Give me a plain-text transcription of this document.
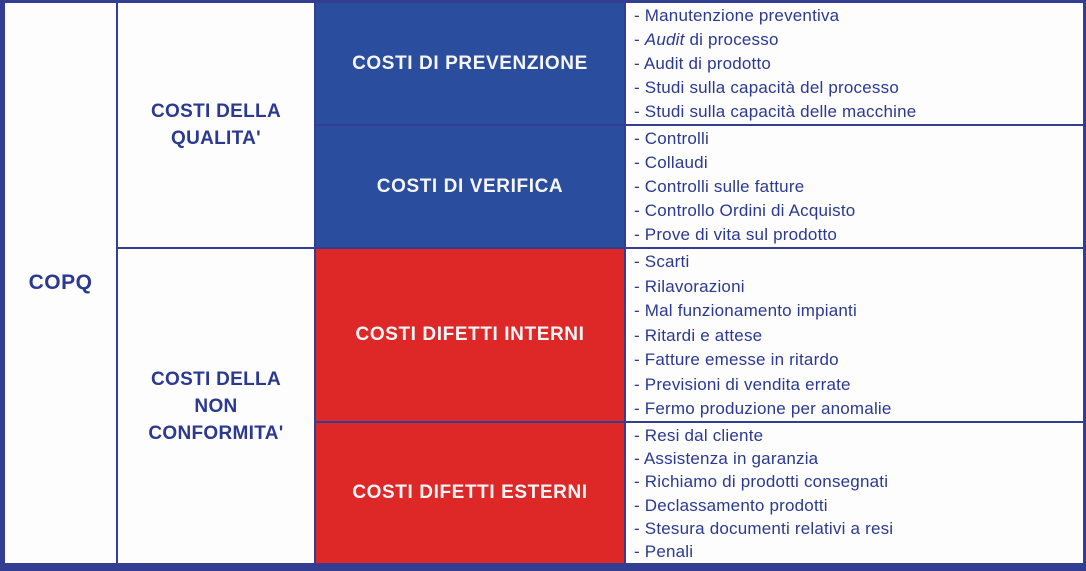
COPQ
COSTI DELLA
QUALITA'
COSTI DELLA
NON
CONFORMITA'
COSTI DI PREVENZIONE
COSTI DI VERIFICA
COSTI DIFETTI INTERNI
COSTI DIFETTI ESTERNI
- Manutenzione preventiva
- Audit di processo
- Audit di prodotto
- Studi sulla capacità del processo
- Studi sulla capacità delle macchine
- Controlli
- Collaudi
- Controlli sulle fatture
- Controllo Ordini di Acquisto
- Prove di vita sul prodotto
- Scarti
- Rilavorazioni
- Mal funzionamento impianti
- Ritardi e attese
- Fatture emesse in ritardo
- Previsioni di vendita errate
- Fermo produzione per anomalie
- Resi dal cliente
- Assistenza in garanzia
- Richiamo di prodotti consegnati
- Declassamento prodotti
- Stesura documenti relativi a resi
- Penali
